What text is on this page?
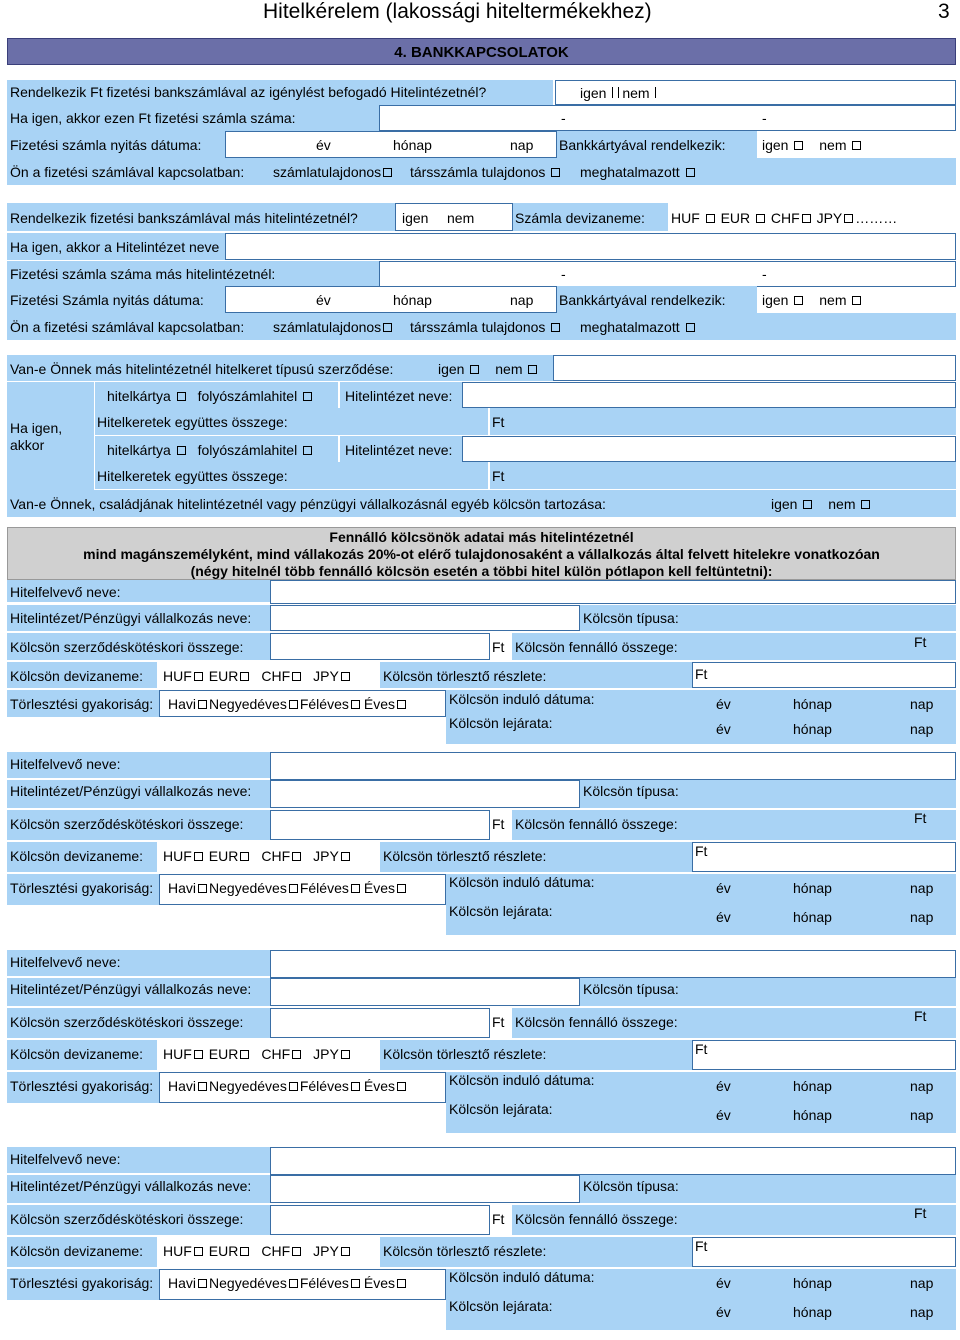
Hitelkérelem (lakossági hiteltermékekhez)	3
4. BANKKAPCSOLATOK
Rendelkezik Ft fizetési bankszámlával az igénylést befogadó Hitelintézetnél?	igen nem
Ha igen, akkor ezen Ft fizetési számla száma:	-	-
Fizetési számla nyitás dátuma:	év	hónap	nap Bankkártyával rendelkezik:	igen nem
Ön a fizetési számlával kapcsolatban: számlatulajdonos	társszámla tulajdonos	meghatalmazott
Rendelkezik fizetési bankszámlával más hitelintézetnél?	igen nem	Számla devizaneme: HUF EUR CHF JPY ………
Ha igen, akkor a Hitelintézet neve
Fizetési számla száma más hitelintézetnél:	-	-
Fizetési Számla nyitás dátuma:	év	hónap	nap Bankkártyával rendelkezik:	igen nem
Ön a fizetési számlával kapcsolatban: számlatulajdonos	társszámla tulajdonos	meghatalmazott
Van-e Önnek más hitelintézetnél hitelkeret típusú szerződése:	igen nem
Ha igen, akkor
hitelkártya folyószámlahitel	Hitelintézet neve:
Hitelkeretek együttes összege:	Ft
hitelkártya folyószámlahitel	Hitelintézet neve:
Hitelkeretek együttes összege:	Ft
Van-e Önnek, családjának hitelintézetnél vagy pénzügyi vállalkozásnál egyéb kölcsön tartozása:	igen nem
Fennálló kölcsönök adatai más hitelintézetnél
mind magánszemélyként, mind vállakozás 20%-ot elérő tulajdonosaként a vállalkozás által felvett hitelekre vonatkozóan
(négy hitelnél több fennálló kölcsön esetén a többi hitel külön pótlapon kell feltüntetni):
Hitelfelvevő neve:
Hitelintézet/Pénzügyi vállalkozás neve:	Kölcsön típusa:
Kölcsön szerződéskötéskori összege:	Ft Kölcsön fennálló összege:	Ft
Kölcsön devizaneme: HUF EUR CHF JPY	Kölcsön törlesztő részlete:	Ft
Törlesztési gyakoriság: Havi Negyedéves Féléves Éves	Kölcsön induló dátuma:	év	hónap	nap
Kölcsön lejárata:	év	hónap	nap
Hitelfelvevő neve:
Hitelintézet/Pénzügyi vállalkozás neve:	Kölcsön típusa:
Kölcsön szerződéskötéskori összege:	Ft Kölcsön fennálló összege:	Ft
Kölcsön devizaneme: HUF EUR CHF JPY	Kölcsön törlesztő részlete:	Ft
Törlesztési gyakoriság: Havi Negyedéves Féléves Éves	Kölcsön induló dátuma:	év	hónap	nap
Kölcsön lejárata:	év	hónap	nap
Hitelfelvevő neve:
Hitelintézet/Pénzügyi vállalkozás neve:	Kölcsön típusa:
Kölcsön szerződéskötéskori összege:	Ft Kölcsön fennálló összege:	Ft
Kölcsön devizaneme: HUF EUR CHF JPY	Kölcsön törlesztő részlete:	Ft
Törlesztési gyakoriság: Havi Negyedéves Féléves Éves	Kölcsön induló dátuma:	év	hónap	nap
Kölcsön lejárata:	év	hónap	nap
Hitelfelvevő neve:
Hitelintézet/Pénzügyi vállalkozás neve:	Kölcsön típusa:
Kölcsön szerződéskötéskori összege:	Ft Kölcsön fennálló összege:	Ft
Kölcsön devizaneme: HUF EUR CHF JPY	Kölcsön törlesztő részlete:	Ft
Törlesztési gyakoriság: Havi Negyedéves Féléves Éves	Kölcsön induló dátuma:	év	hónap	nap
Kölcsön lejárata:	év	hónap	nap
